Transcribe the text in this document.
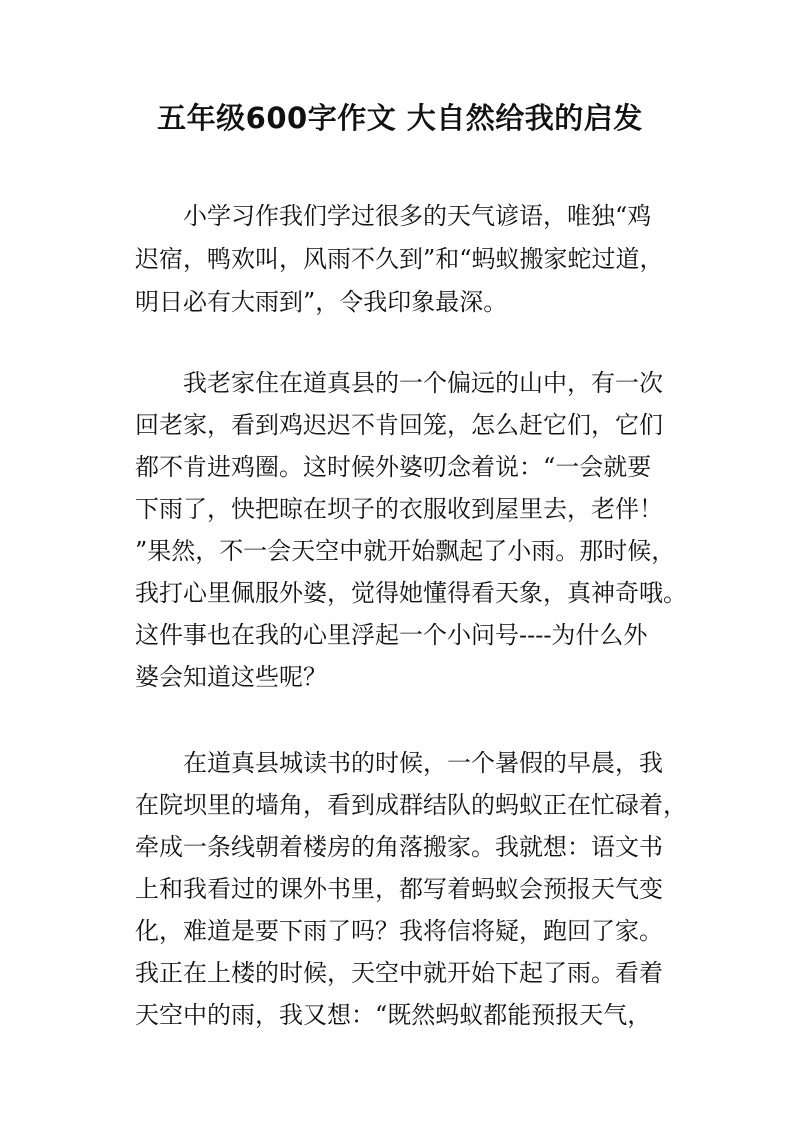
五年级600字作文 大自然给我的启发
小学习作我们学过很多的天气谚语，唯独“鸡
迟宿，鸭欢叫，风雨不久到”和“蚂蚁搬家蛇过道，
明日必有大雨到”，令我印象最深。
我老家住在道真县的一个偏远的山中，有一次
回老家，看到鸡迟迟不肯回笼，怎么赶它们，它们
都不肯进鸡圈。这时候外婆叨念着说：“一会就要
下雨了，快把晾在坝子的衣服收到屋里去，老伴！
”果然，不一会天空中就开始飘起了小雨。那时候，
我打心里佩服外婆，觉得她懂得看天象，真神奇哦。
这件事也在我的心里浮起一个小问号----为什么外
婆会知道这些呢？
在道真县城读书的时候，一个暑假的早晨，我
在院坝里的墙角，看到成群结队的蚂蚁正在忙碌着，
牵成一条线朝着楼房的角落搬家。我就想：语文书
上和我看过的课外书里，都写着蚂蚁会预报天气变
化，难道是要下雨了吗？我将信将疑，跑回了家。
我正在上楼的时候，天空中就开始下起了雨。看着
天空中的雨，我又想：“既然蚂蚁都能预报天气，
